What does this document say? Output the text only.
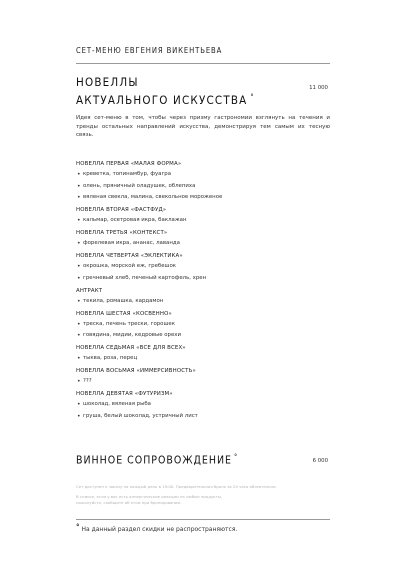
СЕТ-МЕНЮ ЕВГЕНИЯ ВИКЕНТЬЕВА
НОВЕЛЛЫ
АКТУАЛЬНОГО ИСКУССТВА °
11 000
Идея сет-меню в том, чтобы через призму гастрономии взглянуть на течения и тренды остальных направлений искусства, демонстрируя тем самым их тесную связь.
НОВЕЛЛА ПЕРВАЯ «МАЛАЯ ФОРМА»
• креветка, топинамбур, фуагра
• олень, пряничный оладушек, облепиха
• вяленая свекла, малина, свекольное мороженое
НОВЕЛЛА ВТОРАЯ «ФАСТФУД»
• кальмар, осетровая икра, баклажан
НОВЕЛЛА ТРЕТЬЯ «КОНТЕКСТ»
• форелевая икра, ананас, лаванда
НОВЕЛЛА ЧЕТВЕРТАЯ «ЭКЛЕКТИКА»
• окрошка, морской еж, гребешок
• гречневый хлеб, печеный картофель, хрен
АНТРАКТ
• текила, ромашка, кардамон
НОВЕЛЛА ШЕСТАЯ «КОСВЕННО»
• треска, печень трески, горошек
• говядина, мидии, кедровые орехи
НОВЕЛЛА СЕДЬМАЯ «ВСЕ ДЛЯ ВСЕХ»
• тыква, роза, перец
НОВЕЛЛА ВОСЬМАЯ «ИММЕРСИВНОСТЬ»
• ???
НОВЕЛЛА ДЕВЯТАЯ «ФУТУРИЗМ»
• шоколад, вяленая рыба
• груша, белый шоколад, устричный лист
ВИННОЕ СОПРОВОЖДЕНИЕ °	6 000
Сет доступен к заказу на каждый день в 19:00. Предварительная бронь за 24 часа обязательна.
В списке, если у вас есть аллергические реакции на любые продукты,
пожалуйста, сообщите об этом при бронировании.
° На данный раздел скидки не распространяются.
